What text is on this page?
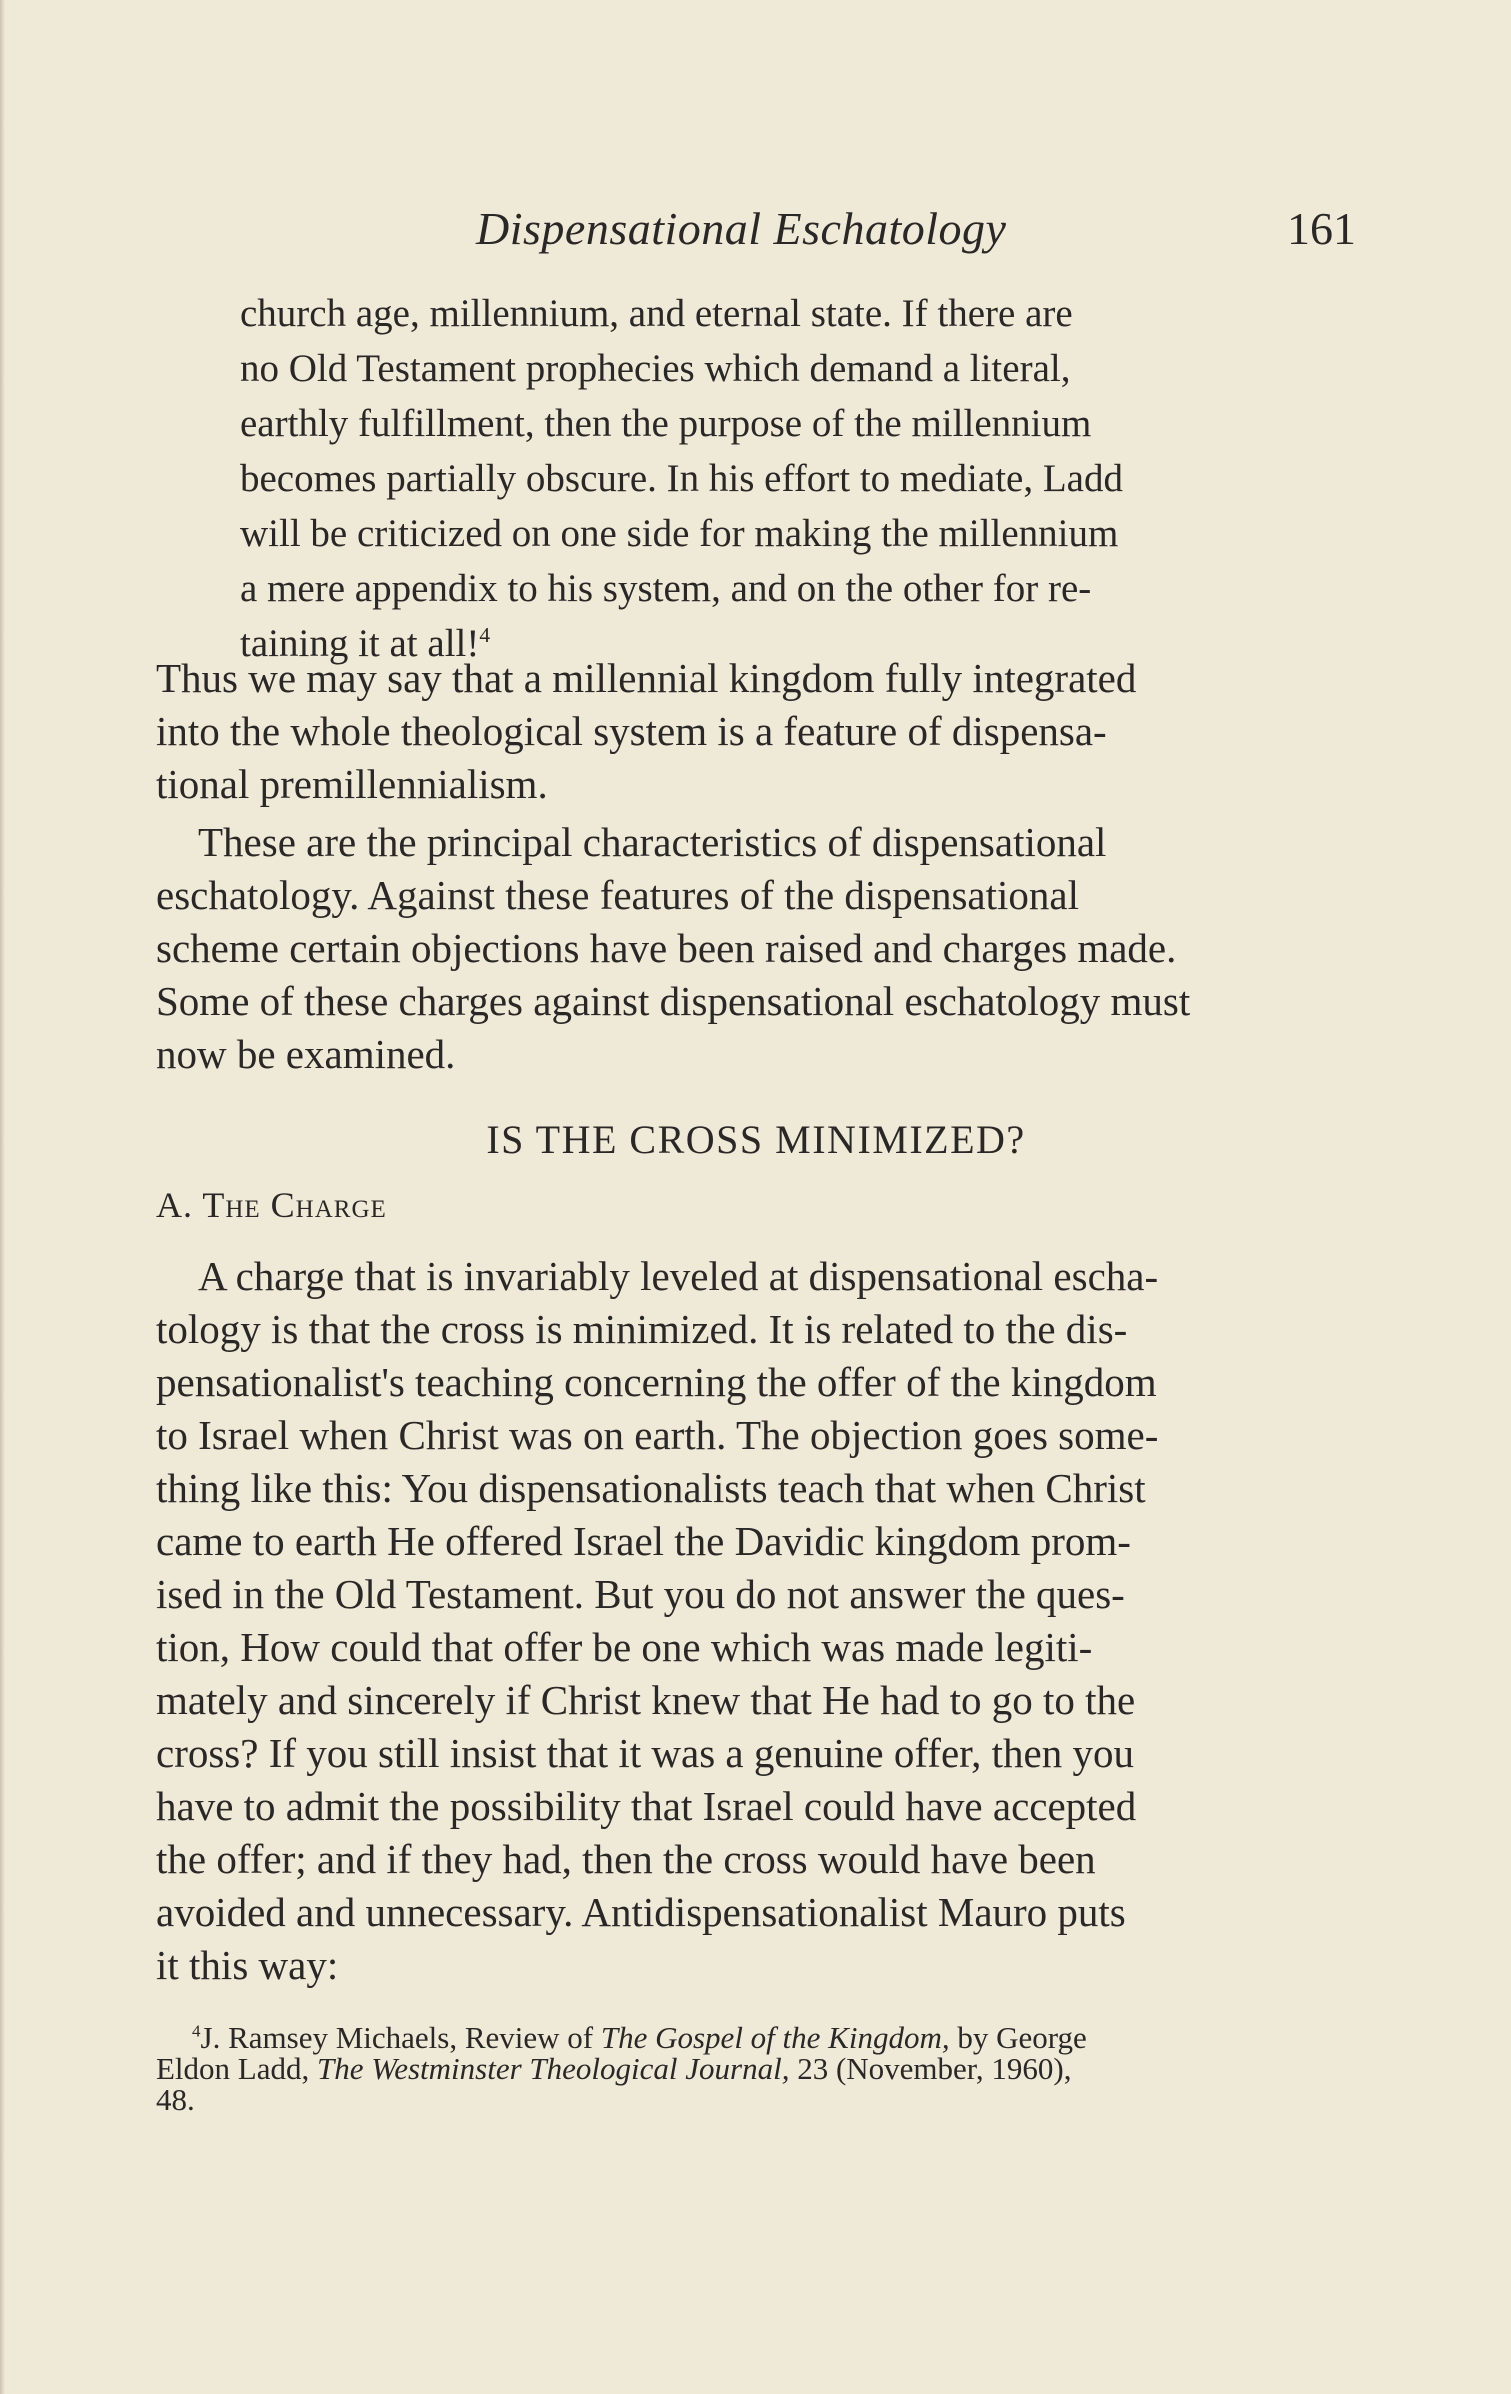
Dispensational Eschatology	161
church age, millennium, and eternal state. If there are
no Old Testament prophecies which demand a literal,
earthly fulfillment, then the purpose of the millennium
becomes partially obscure. In his effort to mediate, Ladd
will be criticized on one side for making the millennium
a mere appendix to his system, and on the other for re-
taining it at all!$^4$
Thus we may say that a millennial kingdom fully integrated
into the whole theological system is a feature of dispensa-
tional premillennialism.
These are the principal characteristics of dispensational
eschatology. Against these features of the dispensational
scheme certain objections have been raised and charges made.
Some of these charges against dispensational eschatology must
now be examined.
IS THE CROSS MINIMIZED?
A. The Charge
A charge that is invariably leveled at dispensational escha-
tology is that the cross is minimized. It is related to the dis-
pensationalist's teaching concerning the offer of the kingdom
to Israel when Christ was on earth. The objection goes some-
thing like this: You dispensationalists teach that when Christ
came to earth He offered Israel the Davidic kingdom prom-
ised in the Old Testament. But you do not answer the ques-
tion, How could that offer be one which was made legiti-
mately and sincerely if Christ knew that He had to go to the
cross? If you still insist that it was a genuine offer, then you
have to admit the possibility that Israel could have accepted
the offer; and if they had, then the cross would have been
avoided and unnecessary. Antidispensationalist Mauro puts
it this way:
$^4$J. Ramsey Michaels, Review of The Gospel of the Kingdom, by George
Eldon Ladd, The Westminster Theological Journal, 23 (November, 1960),
48.
